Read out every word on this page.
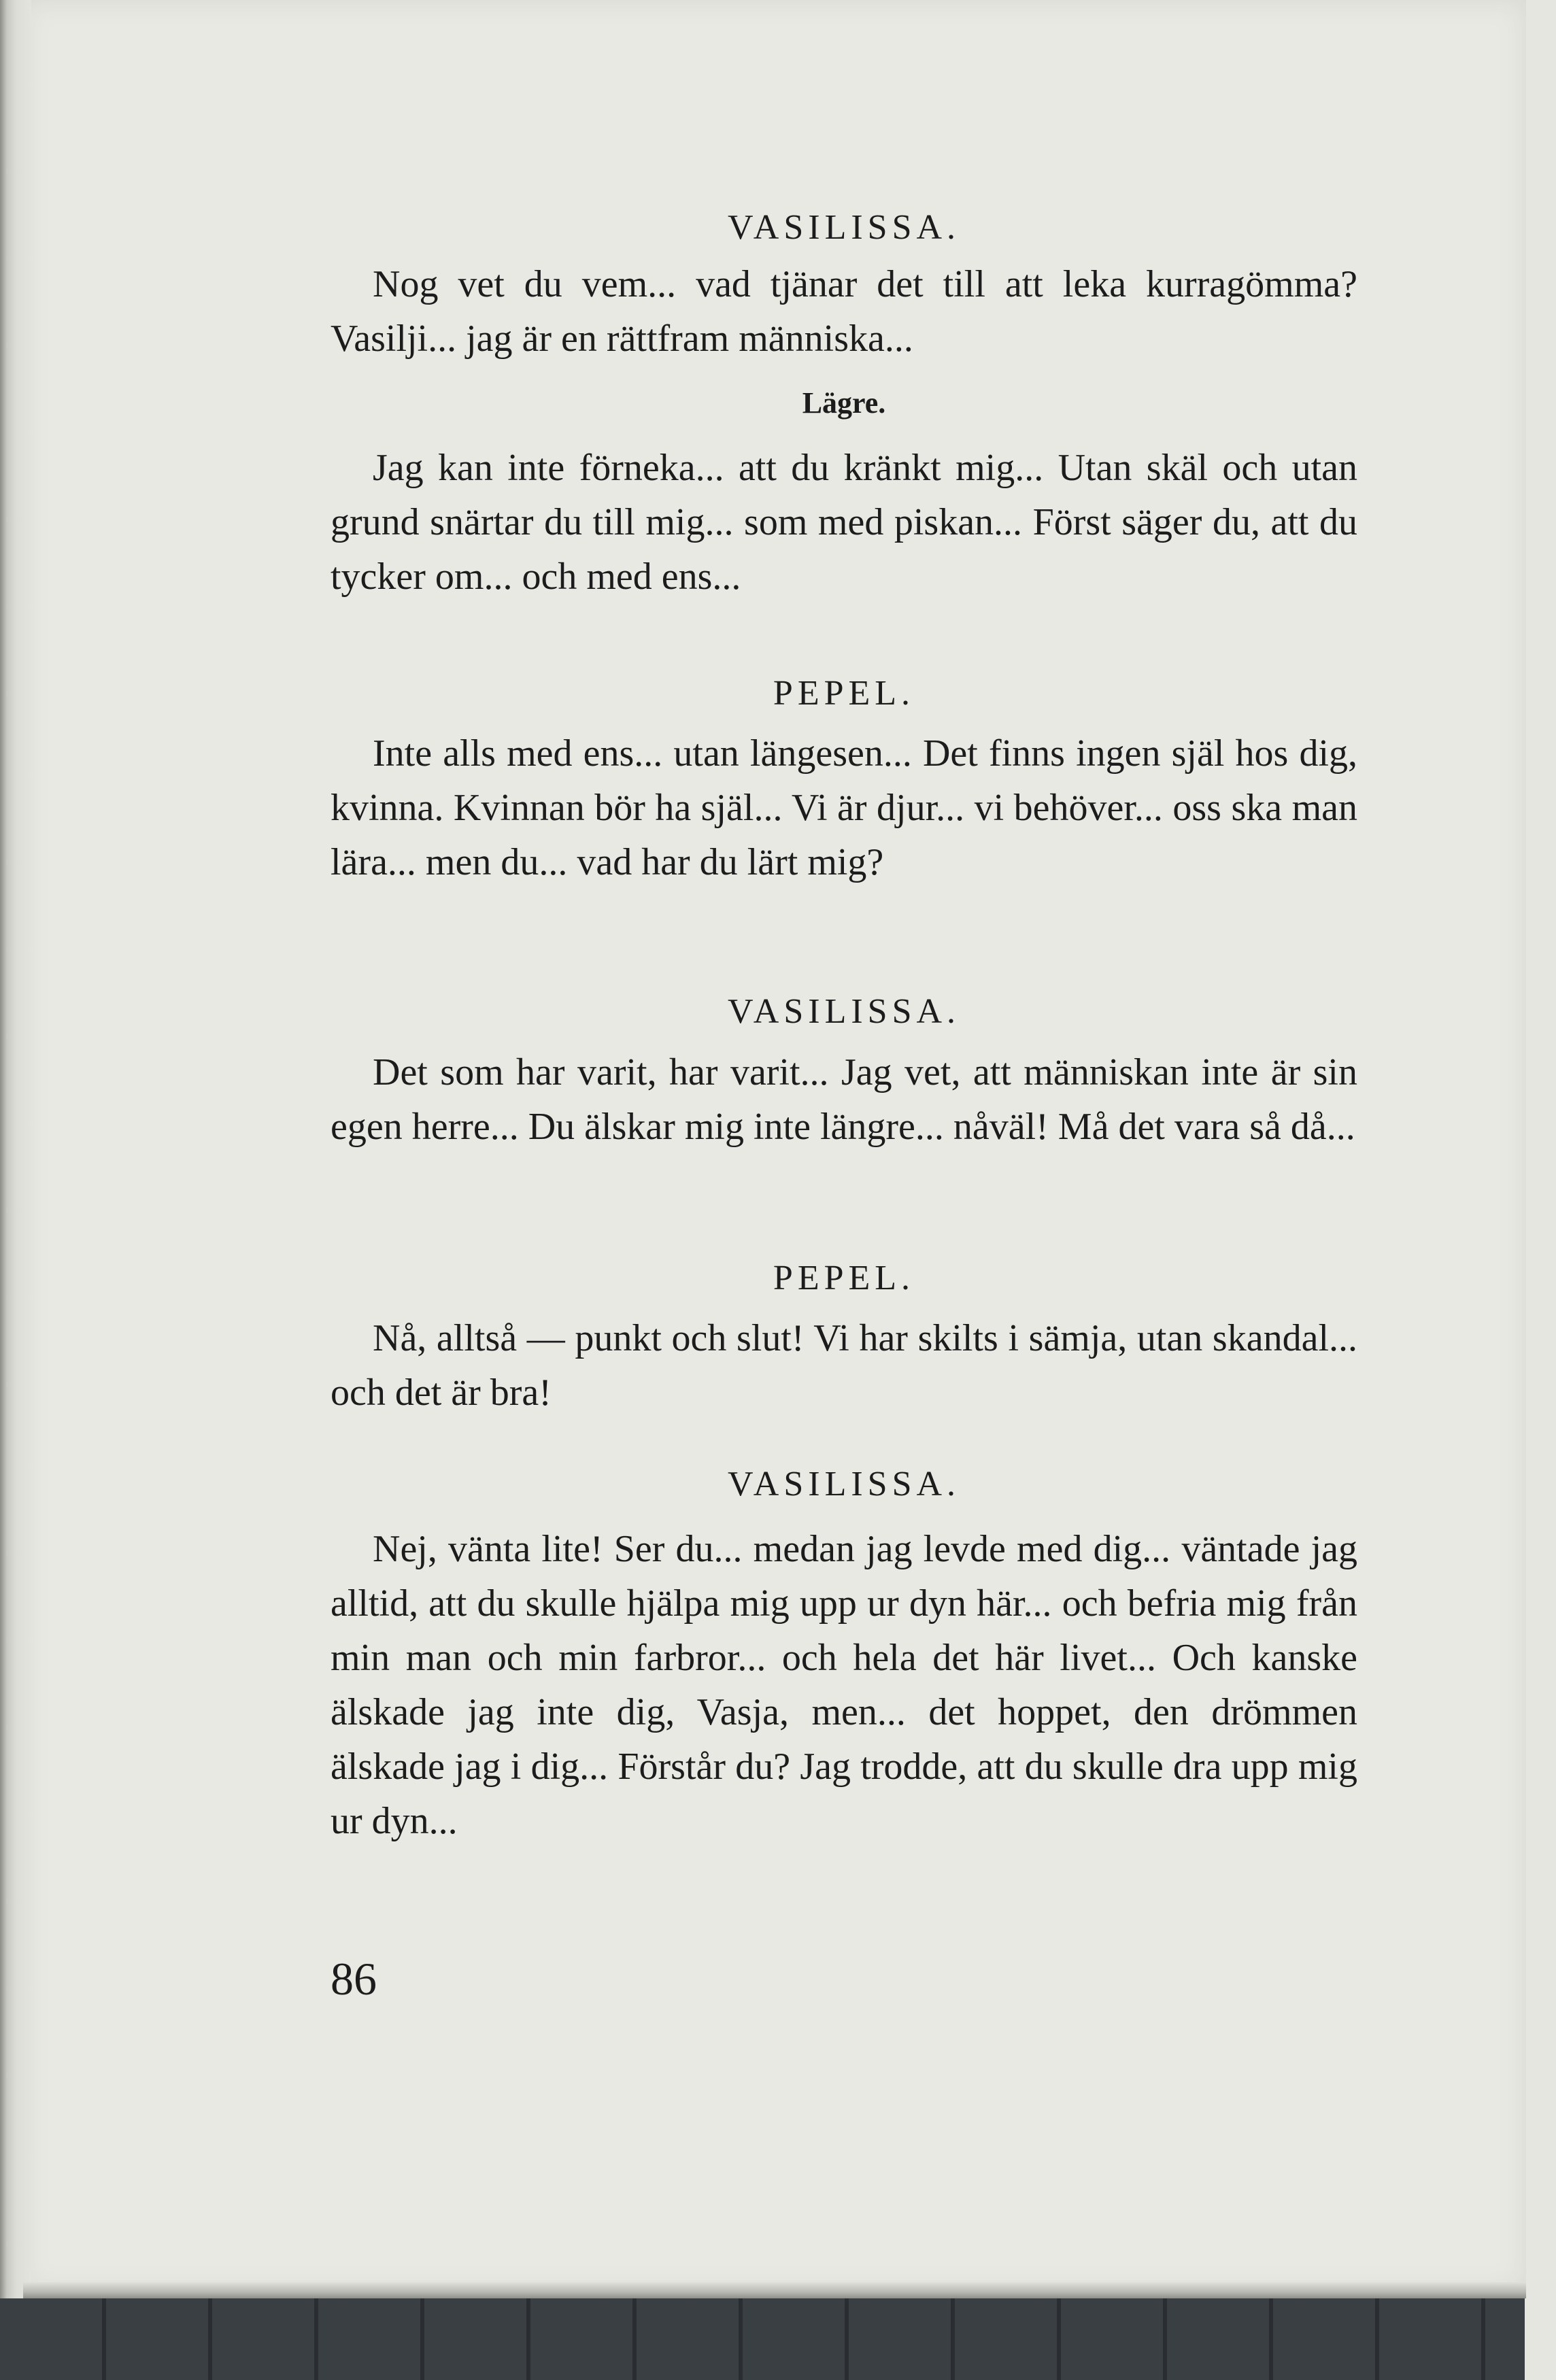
VASILISSA.

Nog vet du vem... vad tjänar det till att leka kurragömma? Vasilji... jag är en rättfram människa...

Lägre.

Jag kan inte förneka... att du kränkt mig... Utan skäl och utan grund snärtar du till mig... som med piskan... Först säger du, att du tycker om... och med ens...

PEPEL.

Inte alls med ens... utan längesen... Det finns ingen själ hos dig, kvinna. Kvinnan bör ha själ... Vi är djur... vi behöver... oss ska man lära... men du... vad har du lärt mig?

VASILISSA.

Det som har varit, har varit... Jag vet, att människan inte är sin egen herre... Du älskar mig inte längre... nåväl! Må det vara så då...

PEPEL.

Nå, alltså — punkt och slut! Vi har skilts i sämja, utan skandal... och det är bra!

VASILISSA.

Nej, vänta lite! Ser du... medan jag levde med dig... väntade jag alltid, att du skulle hjälpa mig upp ur dyn här... och befria mig från min man och min farbror... och hela det här livet... Och kanske älskade jag inte dig, Vasja, men... det hoppet, den drömmen älskade jag i dig... Förstår du? Jag trodde, att du skulle dra upp mig ur dyn...

86
